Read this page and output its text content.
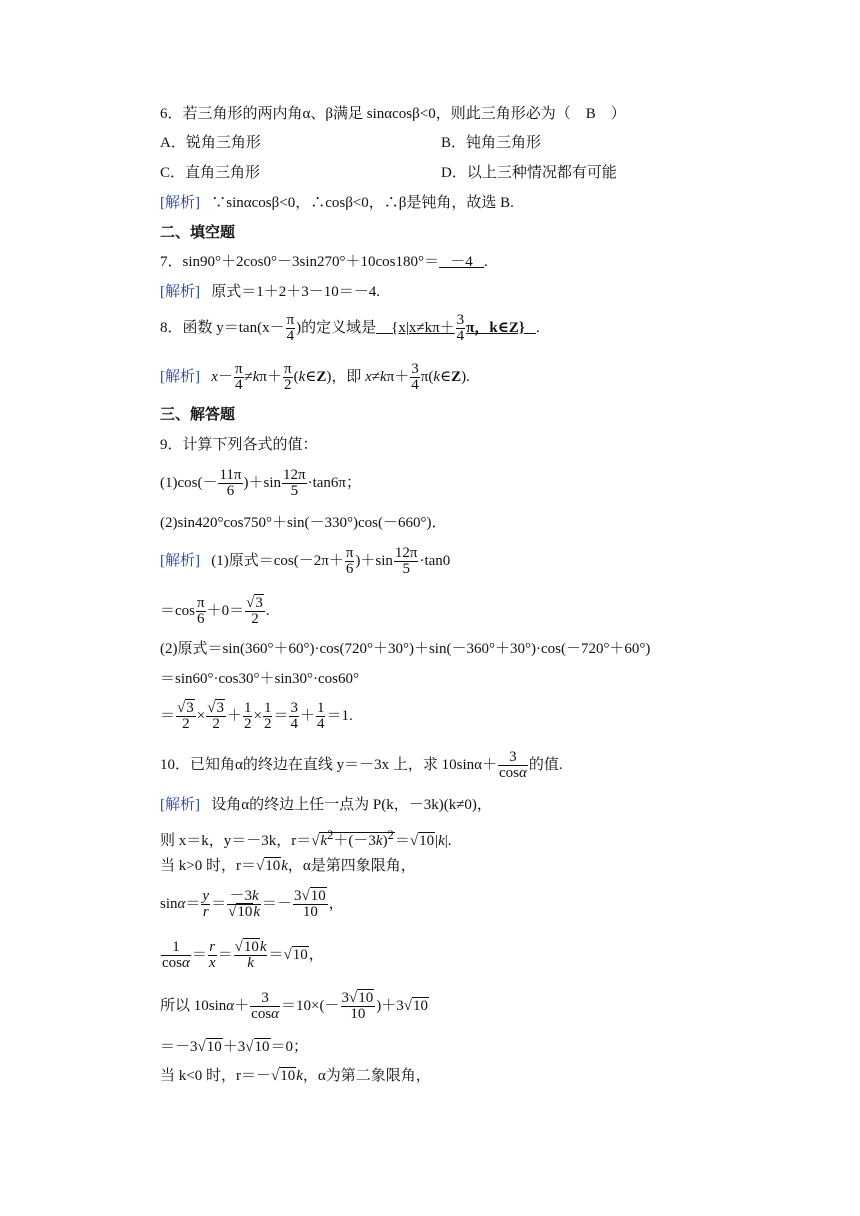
6．若三角形的两内角α、β满足 sinαcosβ<0，则此三角形必为（　B　）
A．锐角三角形	B．钝角三角形
C．直角三角形	D．以上三种情况都有可能
[解析] ∵sinαcosβ<0，∴cosβ<0，∴β是钝角，故选 B.
二、填空题
7．sin90°＋2cos0°－3sin270°＋10cos180°＝ －4 .
[解析] 原式＝1＋2＋3－10＝－4.
8．函数 $y=\tan(x- \frac{\pi}{4}$ )的定义域是 {$x|x\ne k\pi+ \frac{3}{4}$ π，k∈Z} .
[解析] $x- \frac{\pi}{4} \ne k\pi+ \frac{\pi}{2}$ (k∈Z)，即 $x\ne k\pi+ \frac{3}{4}$ π(k∈Z).
三、解答题
9．计算下列各式的值：
$(1)\cos(- \frac{11\pi}{6} )+\sin \frac{12\pi}{5} \cdot\tan 6\pi$；
(2)sin420°cos750°＋sin(－330°)cos(－660°)．
[解析] (1)原式$=\cos(-2\pi+ \frac{\pi}{6} )+\sin \frac{12\pi}{5} \cdot\tan 0$
$=\cos \frac{\pi}{6} +0= \frac{√3}{2}$ .
(2)原式＝sin(360°＋60°)·cos(720°＋30°)＋sin(－360°＋30°)·cos(－720°＋60°)
＝sin60°·cos30°＋sin30°·cos60°
＝ $\frac{√3}{2} \times \frac{√3}{2} + \frac{1}{2} \times \frac{1}{2} = \frac{3}{4} + \frac{1}{4} =1$.
10．已知角α的终边在直线 y＝－3x 上，求 $10\sin\alpha+ \frac{3}{\cos\alpha}$ 的值.
[解析] 设角α的终边上任一点为 P(k，－3k)(k≠0)，
则 x＝k，y＝－3k，$r=√k^2+(-3k)^2=√10|k|$.
当 k>0 时，r＝√10k，α是第四象限角，
$\sin\alpha= \frac{y}{r} = \frac{-3k}{√10k} =- \frac{3√10}{10}$ ，
$\frac{1}{\cos\alpha} = \frac{r}{x} = \frac{√10k}{k} =√10$，
所以 $10\sin\alpha+ \frac{3}{\cos\alpha} =10\times(- \frac{3√10}{10} )+3√10$
＝－3√10＋3√10＝0；
当 k<0 时，r＝－√10k，α为第二象限角，
